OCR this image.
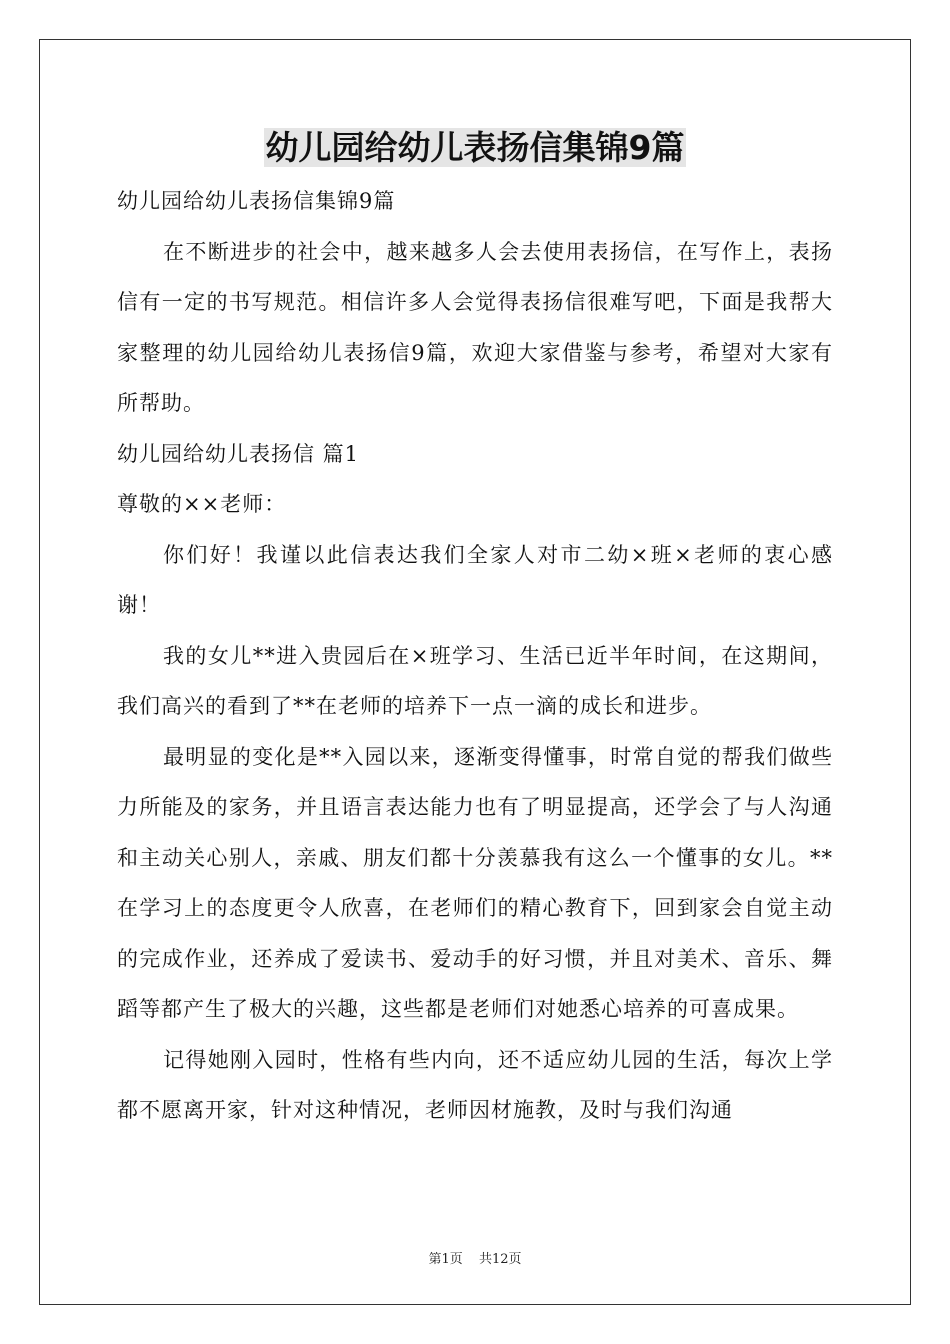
幼儿园给幼儿表扬信集锦9篇

幼儿园给幼儿表扬信集锦9篇

在不断进步的社会中，越来越多人会去使用表扬信，在写作上，表扬信有一定的书写规范。相信许多人会觉得表扬信很难写吧，下面是我帮大家整理的幼儿园给幼儿表扬信9篇，欢迎大家借鉴与参考，希望对大家有所帮助。

幼儿园给幼儿表扬信 篇1

尊敬的××老师：

你们好！我谨以此信表达我们全家人对市二幼×班×老师的衷心感谢！

我的女儿**进入贵园后在×班学习、生活已近半年时间，在这期间，我们高兴的看到了**在老师的培养下一点一滴的成长和进步。

最明显的变化是**入园以来，逐渐变得懂事，时常自觉的帮我们做些力所能及的家务，并且语言表达能力也有了明显提高，还学会了与人沟通和主动关心别人，亲戚、朋友们都十分羡慕我有这么一个懂事的女儿。**在学习上的态度更令人欣喜，在老师们的精心教育下，回到家会自觉主动的完成作业，还养成了爱读书、爱动手的好习惯，并且对美术、音乐、舞蹈等都产生了极大的兴趣，这些都是老师们对她悉心培养的可喜成果。

记得她刚入园时，性格有些内向，还不适应幼儿园的生活，每次上学都不愿离开家，针对这种情况，老师因材施教，及时与我们沟通

第1页 共12页
